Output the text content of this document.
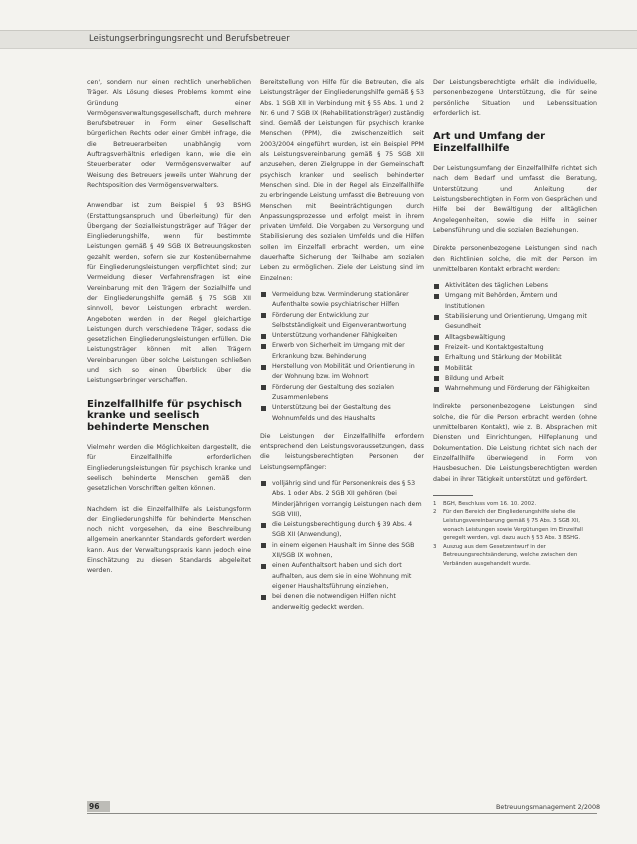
Leistungserbringungsrecht und Berufsbetreuer

cen', sondern nur einen rechtlich unerheblichen Träger. Als Lösung dieses Problems kommt eine Gründung einer Vermögensverwaltungsgesellschaft, durch mehrere Berufsbetreuer in Form einer Gesellschaft bürgerlichen Rechts oder einer GmbH infrage, die die Betreuerarbeiten unabhängig vom Auftragsverhältnis erledigen kann, wie die ein Steuerberater oder Vermögensverwalter auf Weisung des Betreuers jeweils unter Wahrung der Rechtsposition des Vermögensverwalters.

Anwendbar ist zum Beispiel § 93 BSHG (Erstattungsanspruch und Überleitung) für den Übergang der Sozialleistungsträger auf Träger der Eingliederungshilfe, wenn für bestimmte Leistungen gemäß § 49 SGB IX Betreuungskosten gezahlt werden, sofern sie zur Kostenübernahme für Eingliederungsleistungen verpflichtet sind; zur Vermeidung dieser Verfahrensfragen ist eine Vereinbarung mit den Trägern der Sozialhilfe und der Eingliederungshilfe gemäß § 75 SGB XII sinnvoll, bevor Leistungen erbracht werden. Angeboten werden in der Regel gleichartige Leistungen durch verschiedene Träger, sodass die gesetzlichen Eingliederungsleistungen erfüllen. Die Leistungsträger können mit allen Trägern Vereinbarungen über solche Leistungen schließen und sich so einen Überblick über die Leistungserbringer verschaffen.

Einzelfallhilfe für psychisch kranke und seelisch behinderte Menschen

Vielmehr werden die Möglichkeiten dargestellt, die für Einzelfallhilfe erforderlichen Eingliederungsleistungen für psychisch kranke und seelisch behinderte Menschen gemäß den gesetzlichen Vorschriften gelten können.

Nachdem ist die Einzelfallhilfe als Leistungsform der Eingliederungshilfe für behinderte Menschen noch nicht vorgesehen, da eine Beschreibung allgemein anerkannter Standards gefordert werden kann. Aus der Verwaltungspraxis kann jedoch eine Einschätzung zu diesen Standards abgeleitet werden.

Bereitstellung von Hilfe für die Betreuten, die als Leistungsträger der Eingliederungshilfe gemäß § 53 Abs. 1 SGB XII in Verbindung mit § 55 Abs. 1 und 2 Nr. 6 und 7 SGB IX (Rehabilitationsträger) zuständig sind. Gemäß der Leistungen für psychisch kranke Menschen (PPM), die zwischenzeitlich seit 2003/2004 eingeführt wurden, ist ein Beispiel PPM als Leistungsvereinbarung gemäß § 75 SGB XII anzusehen, deren Zielgruppe in der Gemeinschaft psychisch kranker und seelisch behinderter Menschen sind. Die in der Regel als Einzelfallhilfe zu erbringende Leistung umfasst die Betreuung von Menschen mit Beeinträchtigungen durch Anpassungsprozesse und erfolgt meist in ihrem privaten Umfeld. Die Vorgaben zu Versorgung und Stabilisierung des sozialen Umfelds und die Hilfen sollen im Einzelfall erbracht werden, um eine dauerhafte Sicherung der Teilhabe am sozialen Leben zu ermöglichen. Ziele der Leistung sind im Einzelnen:

Vermeidung bzw. Verminderung stationärer Aufenthalte sowie psychiatrischer Hilfen
Förderung der Entwicklung zur Selbstständigkeit und Eigenverantwortung
Unterstützung vorhandener Fähigkeiten
Erwerb von Sicherheit im Umgang mit der Erkrankung bzw. Behinderung
Herstellung von Mobilität und Orientierung in der Wohnung bzw. im Wohnort
Förderung der Gestaltung des sozialen Zusammenlebens
Unterstützung bei der Gestaltung des Wohnumfelds und des Haushalts

Die Leistungen der Einzelfallhilfe erfordern entsprechend den Leistungsvoraussetzungen, dass die leistungsberechtigten Personen der Leistungsempfänger:

volljährig sind und für Personenkreis des § 53 Abs. 1 oder Abs. 2 SGB XII gehören (bei Minderjährigen vorrangig Leistungen nach dem SGB VIII),
die Leistungsberechtigung durch § 39 Abs. 4 SGB XII (Anwendung),
in einem eigenen Haushalt im Sinne des SGB XII/SGB IX wohnen,
einen Aufenthaltsort haben und sich dort aufhalten, aus dem sie in eine Wohnung mit eigener Haushaltsführung einziehen,
bei denen die notwendigen Hilfen nicht anderweitig gedeckt werden.

Der Leistungsberechtigte erhält die individuelle, personenbezogene Unterstützung, die für seine persönliche Situation und Lebenssituation erforderlich ist.

Art und Umfang der Einzelfallhilfe

Der Leistungsumfang der Einzelfallhilfe richtet sich nach dem Bedarf und umfasst die Beratung, Unterstützung und Anleitung der Leistungsberechtigten in Form von Gesprächen und Hilfe bei der Bewältigung der alltäglichen Angelegenheiten, sowie die Hilfe in seiner Lebensführung und die sozialen Beziehungen.

Direkte personenbezogene Leistungen sind nach den Richtlinien solche, die mit der Person im unmittelbaren Kontakt erbracht werden:

Aktivitäten des täglichen Lebens
Umgang mit Behörden, Ämtern und Institutionen
Stabilisierung und Orientierung, Umgang mit Gesundheit
Alltagsbewältigung
Freizeit- und Kontaktgestaltung
Erhaltung und Stärkung der Mobilität
Mobilität
Bildung und Arbeit
Wahrnehmung und Förderung der Fähigkeiten

Indirekte personenbezogene Leistungen sind solche, die für die Person erbracht werden (ohne unmittelbaren Kontakt), wie z. B. Absprachen mit Diensten und Einrichtungen, Hilfeplanung und Dokumentation. Die Leistung richtet sich nach der Einzelfallhilfe überwiegend in Form von Hausbesuchen. Die Leistungsberechtigten werden dabei in ihrer Tätigkeit unterstützt und gefördert.

1	BGH, Beschluss vom 16. 10. 2002.
2	Für den Bereich der Eingliederungshilfe siehe die Leistungsvereinbarung gemäß § 75 Abs. 3 SGB XII, wonach Leistungen sowie Vergütungen im Einzelfall geregelt werden, vgl. dazu auch § 53 Abs. 3 BSHG.
3	Auszug aus dem Gesetzentwurf in der Betreuungsrechtsänderung, welche zwischen den Verbänden ausgehandelt wurde.
96	Betreuungsmanagement 2/2008
